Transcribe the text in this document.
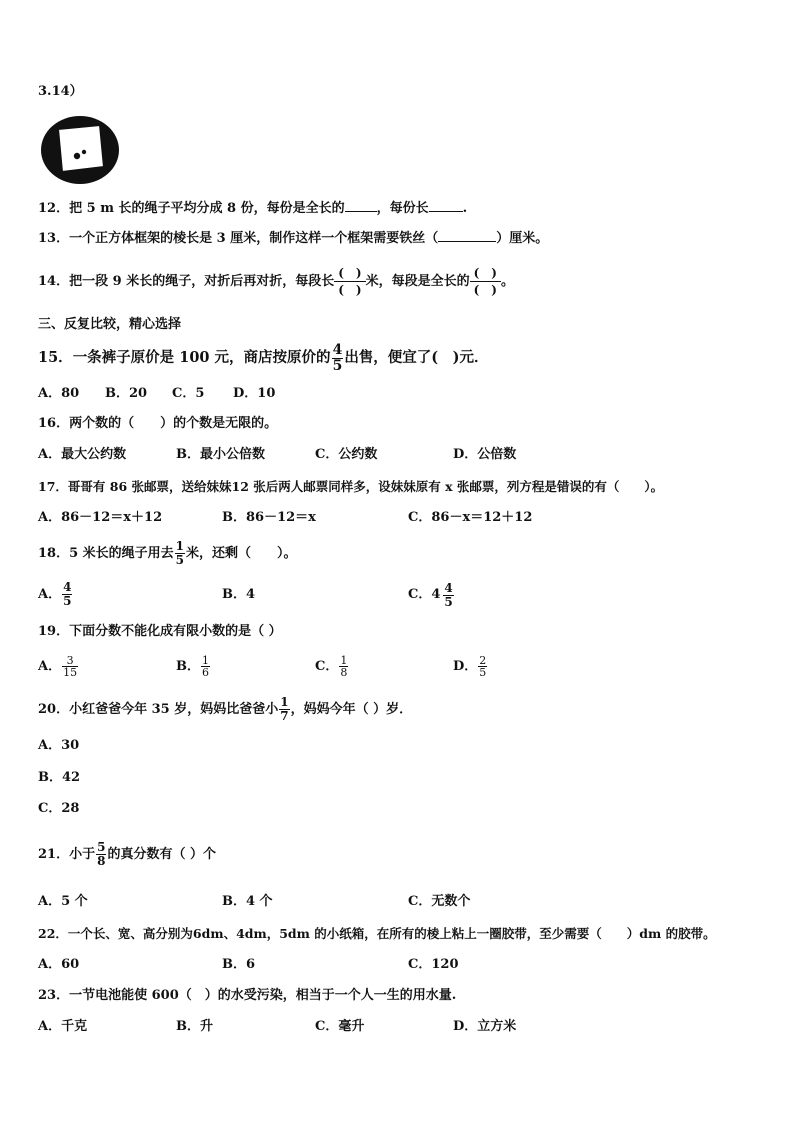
3.14）
12．把 5 m 长的绳子平均分成 8 份，每份是全长的 ，每份长	.
13．一个正方体框架的棱长是 3 厘米，制作这样一个框架需要铁丝（	）厘米。
14．把一段 9 米长的绳子，对折后再对折，每段长
(　)
(　)
米，每段是全长的
(　)
(　)
。
三、反复比较，精心选择
15．一条裤子原价是 100 元，商店按原价的 $\frac{4}{5}$ 出售，便宜了(　)元．
A．80 B．20 C．5 D．10
16．两个数的（　　）的个数是无限的。
A．最大公约数	B．最小公倍数	C．公约数	D．公倍数
17．哥哥有 86 张邮票，送给妹妹12 张后两人邮票同样多，设妹妹原有 x 张邮票，列方程是错误的有（　　）。
A．86－12＝x＋12	B．86－12＝x	C．86－x＝12＋12
18．5 米长的绳子用去 $\frac{1}{5}$ 米，还剩（　　）。
A． $\frac{4}{5}$	B．4	C． $4 \frac{4}{5}$
19．下面分数不能化成有限小数的是（ ）
A． $\frac{3}{15}$	B． $\frac{1}{6}$	C． $\frac{1}{8}$	D． $\frac{2}{5}$
20．小红爸爸今年 35 岁，妈妈比爸爸小 $\frac{1}{7}$ ，妈妈今年（ ）岁．
A．30
B．42
C．28
21．小于 $\frac{5}{8}$ 的真分数有（ ）个
A．5 个	B．4 个	C．无数个
22．一个长、宽、高分别为6dm、4dm，5dm 的小纸箱，在所有的棱上粘上一圈胶带，至少需要（　　）dm 的胶带。
A．60	B．6	C．120
23．一节电池能使 600（　）的水受污染，相当于一个人一生的用水量.
A．千克	B．升	C．毫升	D．立方米
